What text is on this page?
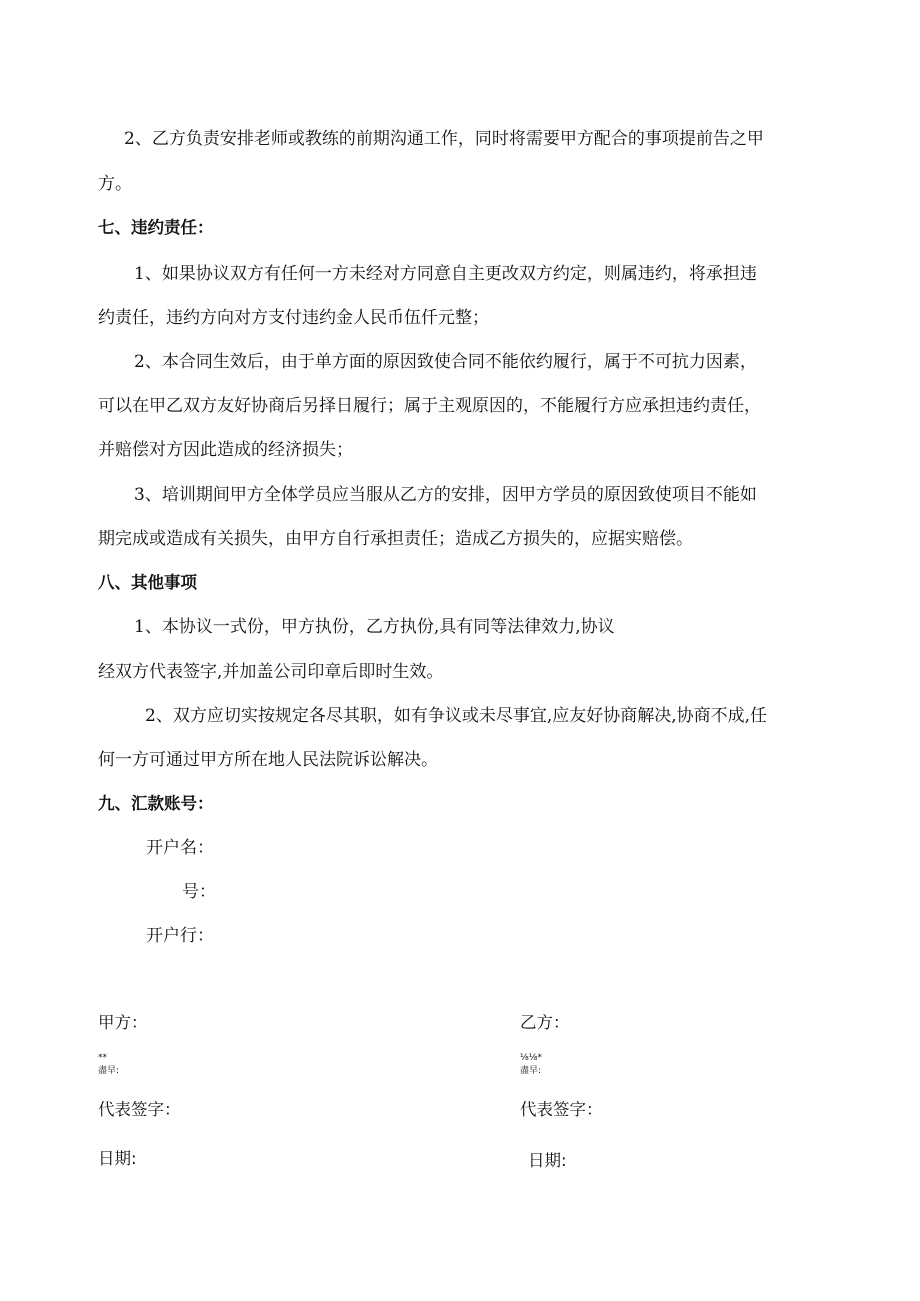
2、乙方负责安排老师或教练的前期沟通工作，同时将需要甲方配合的事项提前告之甲
方。
七、违约责任：
1、如果协议双方有任何一方未经对方同意自主更改双方约定，则属违约，将承担违
约责任，违约方向对方支付违约金人民币伍仟元整；
2、本合同生效后，由于单方面的原因致使合同不能依约履行，属于不可抗力因素，
可以在甲乙双方友好协商后另择日履行；属于主观原因的，不能履行方应承担违约责任，
并赔偿对方因此造成的经济损失；
3、培训期间甲方全体学员应当服从乙方的安排，因甲方学员的原因致使项目不能如
期完成或造成有关损失，由甲方自行承担责任；造成乙方损失的，应据实赔偿。
八、其他事项
1、本协议一式份，甲方执份，乙方执份,具有同等法律效力,协议
经双方代表签字,并加盖公司印章后即时生效。
2、双方应切实按规定各尽其职，如有争议或未尽事宜,应友好协商解决,协商不成,任
何一方可通过甲方所在地人民法院诉讼解决。
九、汇款账号：
开户名：
号：
开户行：
甲方：
**
盡早:
代表签字：
日期:
乙方：
⅛⅛*
盡早:
代表签字：
日期:
